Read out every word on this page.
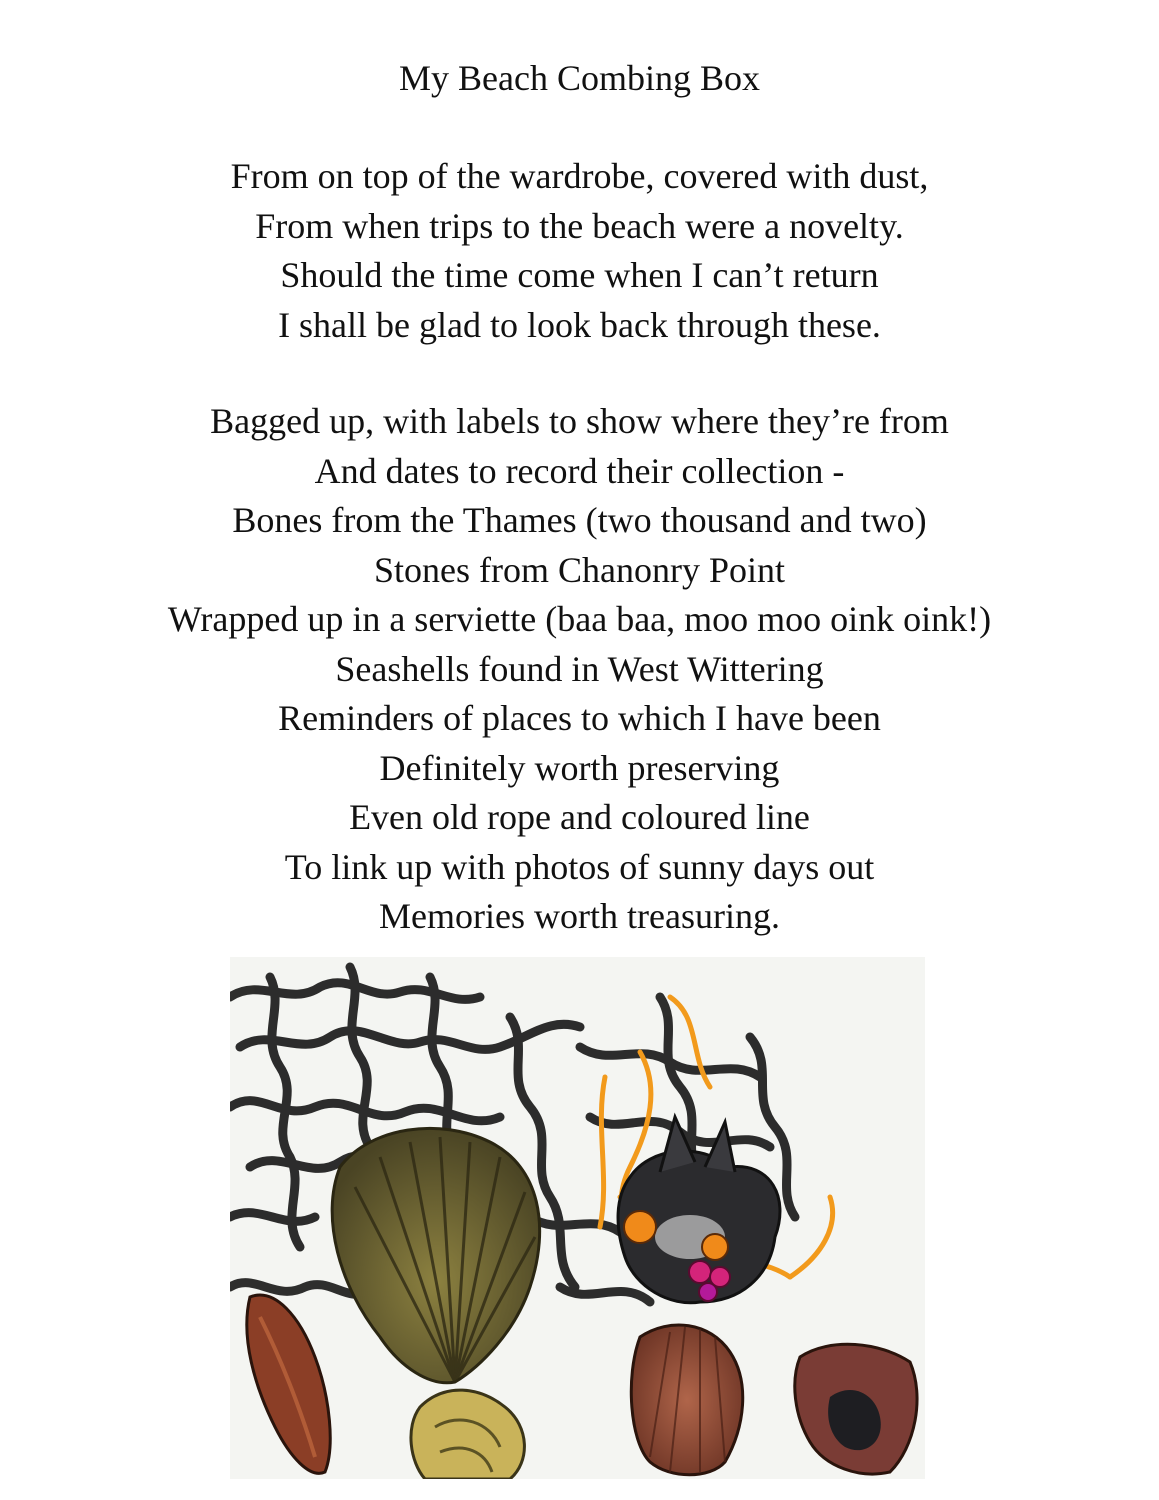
My Beach Combing Box
From on top of the wardrobe, covered with dust,
From when trips to the beach were a novelty.
Should the time come when I can’t return
I shall be glad to look back through these.
Bagged up, with labels to show where they’re from
And dates to record their collection -
Bones from the Thames (two thousand and two)
Stones from Chanonry Point
Wrapped up in a serviette (baa baa, moo moo oink oink!)
Seashells found in West Wittering
Reminders of places to which I have been
Definitely worth preserving
Even old rope and coloured line
To link up with photos of sunny days out
Memories worth treasuring.
